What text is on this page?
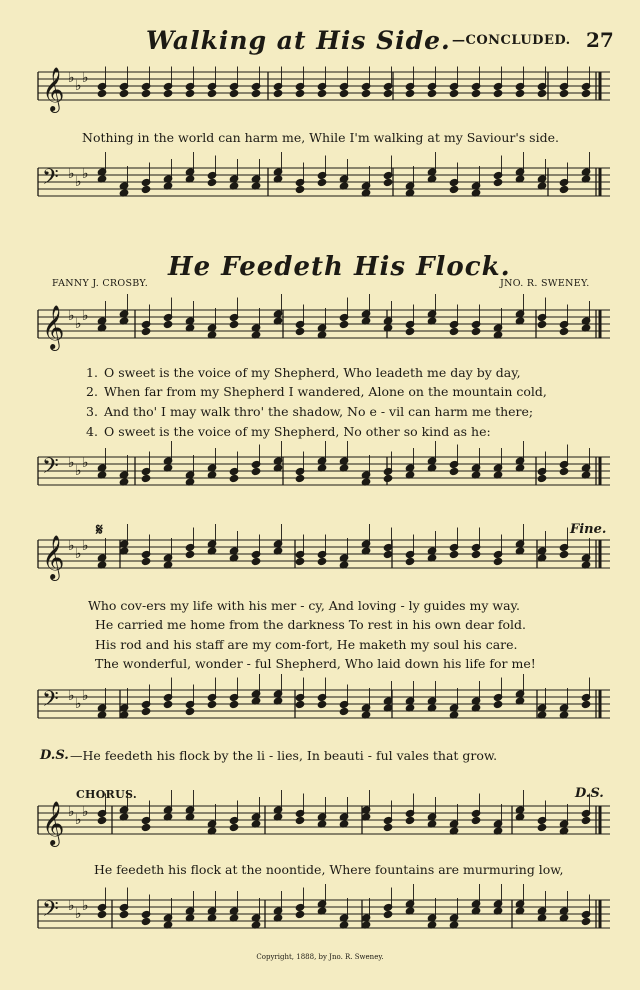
Walking at His Side. —CONCLUDED. 27
𝄞 ♭ ♭ ♭
𝄢 ♭ ♭ ♭
𝄞 ♭ ♭ ♭
𝄢 ♭ ♭ ♭
𝄞 ♭ ♭ ♭
𝄢 ♭ ♭ ♭
𝄞 ♭ ♭ ♭
𝄢 ♭ ♭ ♭
Nothing in the world can harm me, While I'm walking at my Saviour's side.
He Feedeth His Flock.
FANNY J. CROSBY.	JNO. R. SWENEY.
1. O sweet is the voice of my Shepherd, Who leadeth me day by day,
2. When far from my Shepherd I wandered, Alone on the mountain cold,
3. And tho' I may walk thro' the shadow, No e - vil can harm me there;
4. O sweet is the voice of my Shepherd, No other so kind as he:
𝄋	Fine.
Who cov-ers my life with his mer - cy, And loving - ly guides my way.
He carried me home from the darkness To rest in his own dear fold.
His rod and his staff are my com-fort, He maketh my soul his care.
The wonderful, wonder - ful Shepherd, Who laid down his life for me!
D.S. —He feedeth his flock by the li - lies, In beauti - ful vales that grow.
CHORUS.	D.S.
He feedeth his flock at the noontide, Where fountains are murmuring low,
Copyright, 1888, by Jno. R. Sweney.
